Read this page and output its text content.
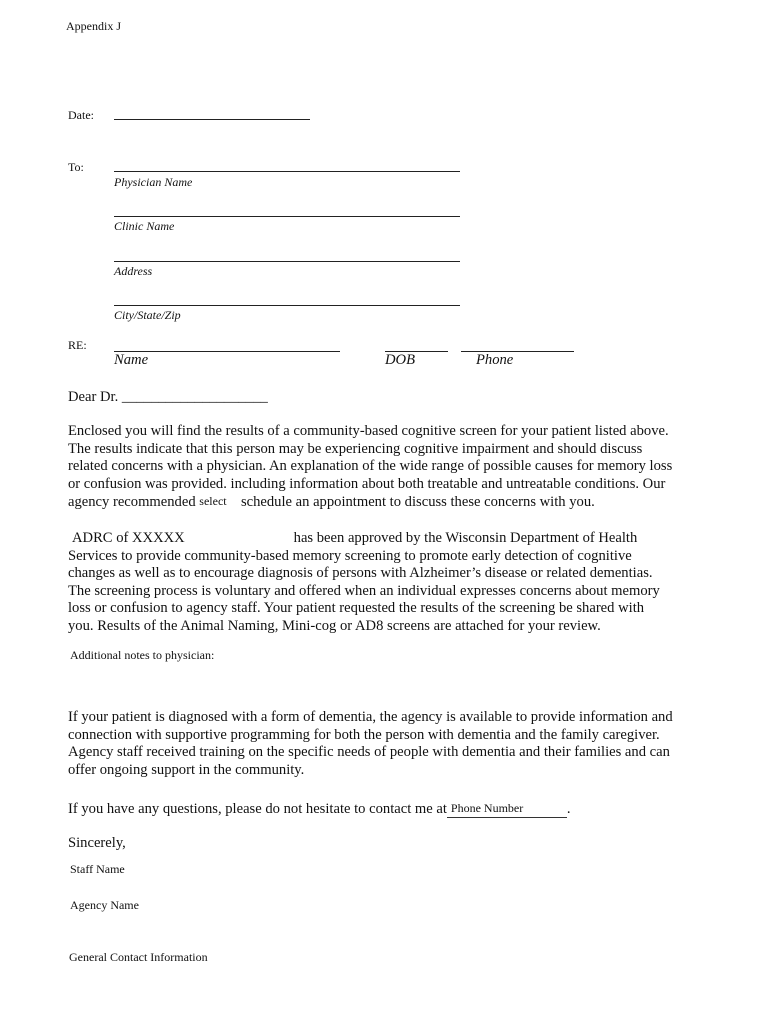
Appendix J
Date:
To:
Physician Name
Clinic Name
Address
City/State/Zip
RE:
Name	DOB	Phone
Dear Dr. ____________________
Enclosed you will find the results of a community-based cognitive screen for your patient listed above.
The results indicate that this person may be experiencing cognitive impairment and should discuss
related concerns with a physician. An explanation of the wide range of possible causes for memory loss
or confusion was provided. including information about both treatable and untreatable conditions. Our
agency recommended select schedule an appointment to discuss these concerns with you.
ADRC of XXXXX	has been approved by the Wisconsin Department of Health
Services to provide community-based memory screening to promote early detection of cognitive
changes as well as to encourage diagnosis of persons with Alzheimer’s disease or related dementias.
The screening process is voluntary and offered when an individual expresses concerns about memory
loss or confusion to agency staff. Your patient requested the results of the screening be shared with
you. Results of the Animal Naming, Mini-cog or AD8 screens are attached for your review.
Additional notes to physician:
If your patient is diagnosed with a form of dementia, the agency is available to provide information and
connection with supportive programming for both the person with dementia and the family caregiver.
Agency staff received training on the specific needs of people with dementia and their families and can
offer ongoing support in the community.
If you have any questions, please do not hesitate to contact me at Phone Number	.
Sincerely,
Staff Name
Agency Name
General Contact Information
